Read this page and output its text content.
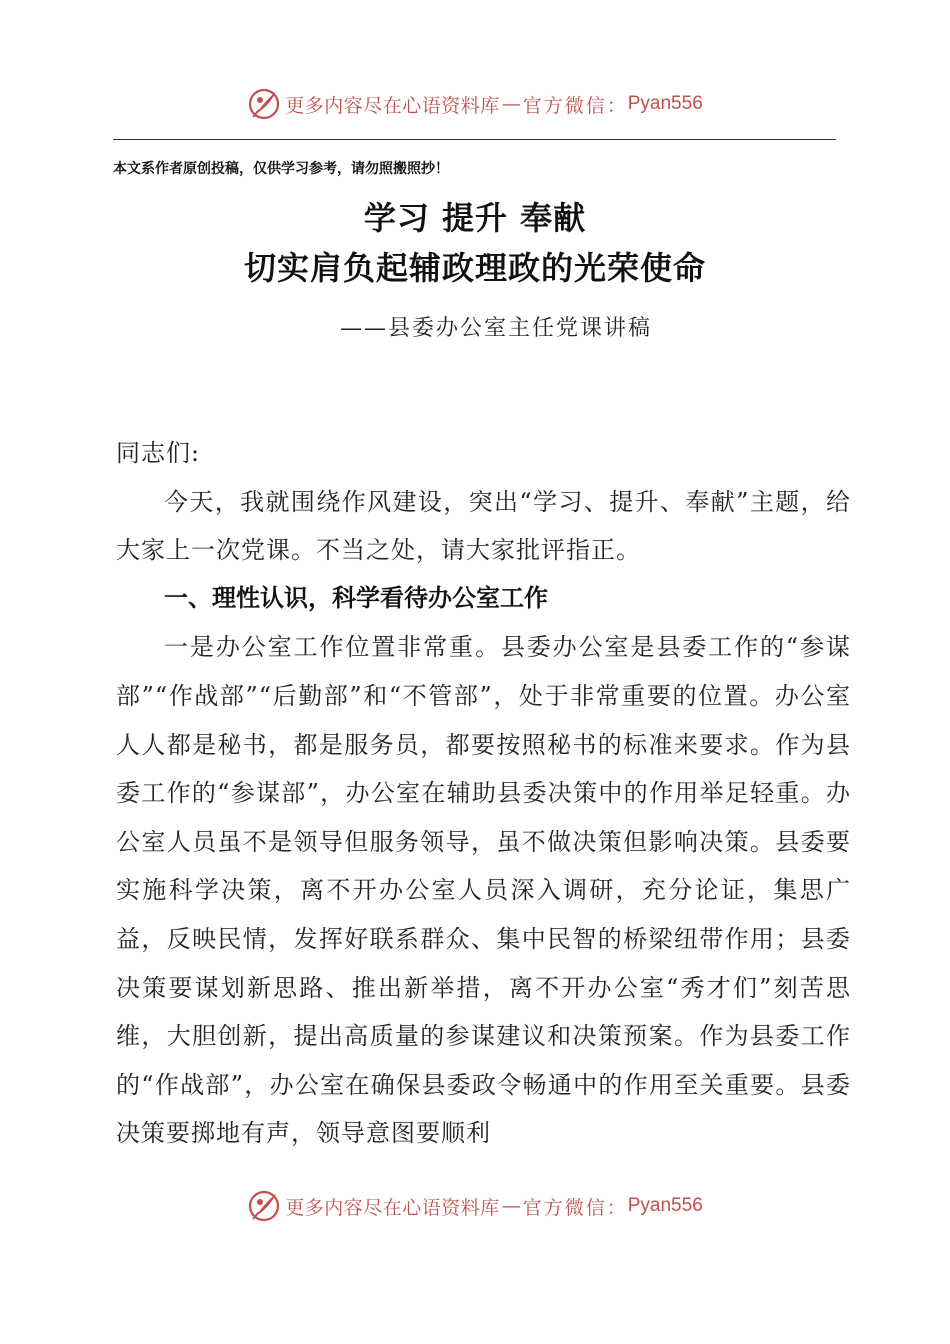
更多内容尽在心语资料库 — 官方微信： Pyan556
本文系作者原创投稿，仅供学习参考，请勿照搬照抄！
学习 提升 奉献
切实肩负起辅政理政的光荣使命
——县委办公室主任党课讲稿

同志们:

今天，我就围绕作风建设，突出“学习、提升、奉献”主题，给大家上一次党课。不当之处，请大家批评指正。

一、理性认识，科学看待办公室工作

一是办公室工作位置非常重。县委办公室是县委工作的“参谋部”“作战部”“后勤部”和“不管部”，处于非常重要的位置。办公室人人都是秘书，都是服务员，都要按照秘书的标准来要求。作为县委工作的“参谋部”，办公室在辅助县委决策中的作用举足轻重。办公室人员虽不是领导但服务领导，虽不做决策但影响决策。县委要实施科学决策，离不开办公室人员深入调研，充分论证，集思广益，反映民情，发挥好联系群众、集中民智的桥梁纽带作用；县委决策要谋划新思路、推出新举措，离不开办公室“秀才们”刻苦思维，大胆创新，提出高质量的参谋建议和决策预案。作为县委工作的“作战部”，办公室在确保县委政令畅通中的作用至关重要。县委决策要掷地有声，领导意图要顺利

更多内容尽在心语资料库 — 官方微信： Pyan556
